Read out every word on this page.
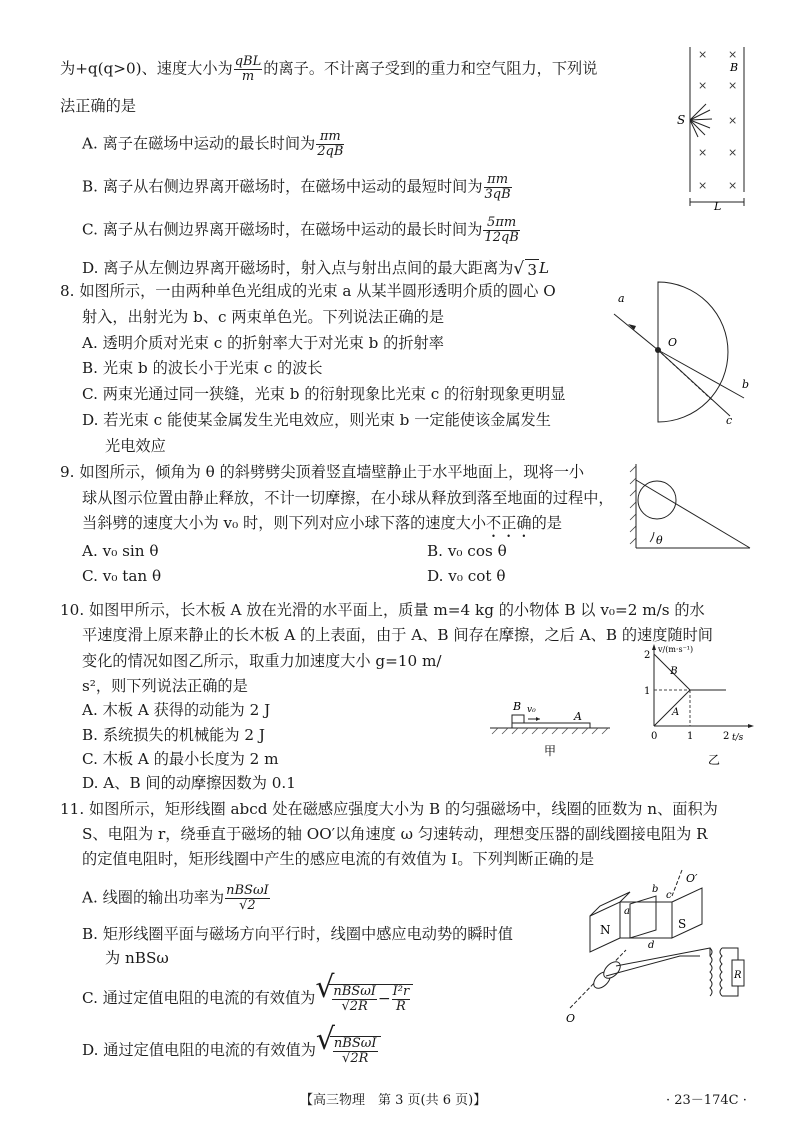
为+q(q>0)、速度大小为 $\frac{\text{qBL}}{m}$ 的离子。不计离子受到的重力和空气阻力，下列说
法正确的是
A. 离子在磁场中运动的最长时间为 $\frac{\pi m}{2qB}$
B. 离子从右侧边界离开磁场时，在磁场中运动的最短时间为 $\frac{\pi m}{3qB}$
C. 离子从右侧边界离开磁场时，在磁场中运动的最长时间为 $\frac{5\pi m}{12qB}$
D. 离子从左侧边界离开磁场时，射入点与射出点间的最大距离为 √ 3 L
× ×
× ×
×
× ×
× ×
B
S
L
8. 如图所示，一由两种单色光组成的光束 a 从某半圆形透明介质的圆心 O
射入，出射光为 b、c 两束单色光。下列说法正确的是
A. 透明介质对光束 c 的折射率大于对光束 b 的折射率
B. 光束 b 的波长小于光束 c 的波长
C. 两束光通过同一狭缝，光束 b 的衍射现象比光束 c 的衍射现象更明显
D. 若光束 c 能使某金属发生光电效应，则光束 b 一定能使该金属发生
光电效应
a
O
b
c
9. 如图所示，倾角为 θ 的斜劈劈尖顶着竖直墙壁静止于水平地面上，现将一小
球从图示位置由静止释放，不计一切摩擦，在小球从释放到落至地面的过程中，
当斜劈的速度大小为 v₀ 时，则下列对应小球下落的速度大小不正确的是
A. v₀ sin θ	B. v₀ cos θ
C. v₀ tan θ	D. v₀ cot θ
θ
10. 如图甲所示，长木板 A 放在光滑的水平面上，质量 m=4 kg 的小物体 B 以 v₀=2 m/s 的水
平速度滑上原来静止的长木板 A 的上表面，由于 A、B 间存在摩擦，之后 A、B 的速度随时间
变化的情况如图乙所示，取重力加速度大小 g=10 m/
s²，则下列说法正确的是
A. 木板 A 获得的动能为 2 J
B. 系统损失的机械能为 2 J
C. 木板 A 的最小长度为 2 m
D. A、B 间的动摩擦因数为 0.1
B v₀	A
甲
v/(m·s⁻¹)
t/s
0	1	2
1
2
B
A
乙
11. 如图所示，矩形线圈 abcd 处在磁感应强度大小为 B 的匀强磁场中，线圈的匝数为 n、面积为
S、电阻为 r，绕垂直于磁场的轴 OO′以角速度 ω 匀速转动，理想变压器的副线圈接电阻为 R
的定值电阻时，矩形线圈中产生的感应电流的有效值为 I。下列判断正确的是
A. 线圈的输出功率为 $\frac{\text{nBSωI}}{√2}$
B. 矩形线圈平面与磁场方向平行时，线圈中感应电动势的瞬时值
为 nBSω
C. 通过定值电阻的电流的有效值为 √
$\frac{\text{nBSωI}}{√2R} - \frac{\text{I²r}}{R}$
D. 通过定值电阻的电流的有效值为 √
$\frac{\text{nBSωI}}{√2R}$
O′
N	S
a
b
c
d
R
O
【高三物理　第 3 页(共 6 页)】	· 23－174C ·
